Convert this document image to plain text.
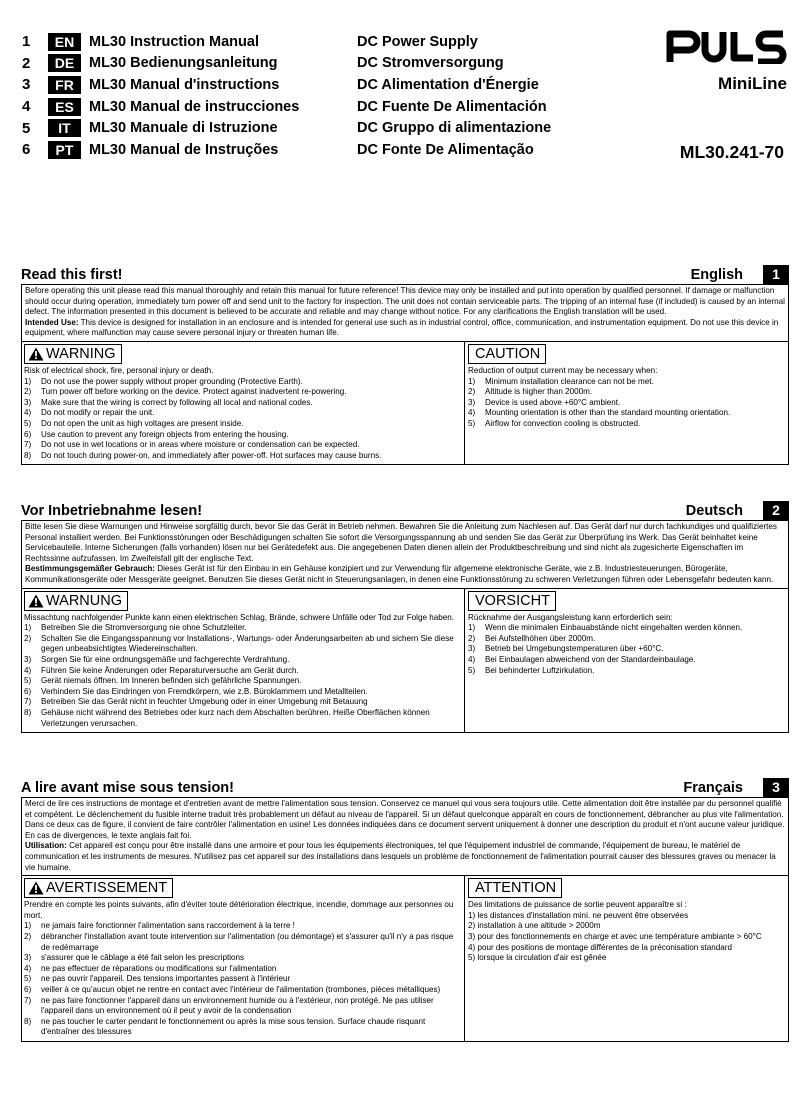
1	EN	ML30 Instruction Manual	DC Power Supply
2	DE	ML30 Bedienungsanleitung	DC Stromversorgung
3	FR	ML30 Manual d'instructions	DC Alimentation d'Énergie
4	ES	ML30 Manual de instrucciones	DC Fuente De Alimentación
5	IT	ML30 Manuale di Istruzione	DC Gruppo di alimentazione
6	PT	ML30 Manual de Instruções	DC Fonte De Alimentação
MiniLine
ML30.241-70
Read this first!	English	1
Before operating this unit please read this manual thoroughly and retain this manual for future reference! This device may only be installed and put into operation by qualified personnel. If damage or malfunction should occur during operation, immediately turn power off and send unit to the factory for inspection. The unit does not contain serviceable parts. The tripping of an internal fuse (if included) is caused by an internal defect. The information presented in this document is believed to be accurate and reliable and may change without notice. For any clarifications the English translation will be used.
Intended Use: This device is designed for installation in an enclosure and is intended for general use such as in industrial control, office, communication, and instrumentation equipment. Do not use this device in equipment, where malfunction may cause severe personal injury or threaten human life.
WARNING
Risk of electrical shock, fire, personal injury or death.
1)	Do not use the power supply without proper grounding (Protective Earth).
2)	Turn power off before working on the device. Protect against inadvertent re-powering.
3)	Make sure that the wiring is correct by following all local and national codes.
4)	Do not modify or repair the unit.
5)	Do not open the unit as high voltages are present inside.
6)	Use caution to prevent any foreign objects from entering the housing.
7)	Do not use in wet locations or in areas where moisture or condensation can be expected.
8)	Do not touch during power-on, and immediately after power-off. Hot surfaces may cause burns.
CAUTION
Reduction of output current may be necessary when:
1)	Minimum installation clearance can not be met.
2)	Altitude is higher than 2000m.
3)	Device is used above +60°C ambient.
4)	Mounting orientation is other than the standard mounting orientation.
5)	Airflow for convection cooling is obstructed.
Vor Inbetriebnahme lesen!	Deutsch	2
Bitte lesen Sie diese Warnungen und Hinweise sorgfältig durch, bevor Sie das Gerät in Betrieb nehmen. Bewahren Sie die Anleitung zum Nachlesen auf. Das Gerät darf nur durch fachkundiges und qualifiziertes Personal installiert werden. Bei Funktionsstörungen oder Beschädigungen schalten Sie sofort die Versorgungsspannung ab und senden Sie das Gerät zur Überprüfung ins Werk. Das Gerät beinhaltet keine Servicebauteile. Interne Sicherungen (falls vorhanden) lösen nur bei Gerätedefekt aus. Die angegebenen Daten dienen allein der Produktbeschreibung und sind nicht als zugesicherte Eigenschaften im Rechtssinne aufzufassen. Im Zweifelsfall gilt der englische Text.
Bestimmungsgemäßer Gebrauch: Dieses Gerät ist für den Einbau in ein Gehäuse konzipiert und zur Verwendung für allgemeine elektronische Geräte, wie z.B. Industriesteuerungen, Bürogeräte, Kommunikationsgeräte oder Messgeräte geeignet. Benutzen Sie dieses Gerät nicht in Steuerungsanlagen, in denen eine Funktionsstörung zu schweren Verletzungen führen oder Lebensgefahr bedeuten kann.
WARNUNG
Missachtung nachfolgender Punkte kann einen elektrischen Schlag, Brände, schwere Unfälle oder Tod zur Folge haben.
1)	Betreiben Sie die Stromversorgung nie ohne Schutzleiter.
2)	Schalten Sie die Eingangsspannung vor Installations-, Wartungs- oder Änderungsarbeiten ab und sichern Sie diese gegen unbeabsichtigtes Wiedereinschalten.
3)	Sorgen Sie für eine ordnungsgemäße und fachgerechte Verdrahtung.
4)	Führen Sie keine Änderungen oder Reparaturversuche am Gerät durch.
5)	Gerät niemals öffnen. Im Inneren befinden sich gefährliche Spannungen.
6)	Verhindern Sie das Eindringen von Fremdkörpern, wie z.B. Büroklammern und Metallteilen.
7)	Betreiben Sie das Gerät nicht in feuchter Umgebung oder in einer Umgebung mit Betauung
8)	Gehäuse nicht während des Betriebes oder kurz nach dem Abschalten berühren. Heiße Oberflächen können Verletzungen verursachen.
VORSICHT
Rücknahme der Ausgangsleistung kann erforderlich sein:
1)	Wenn die minimalen Einbauabstände nicht eingehalten werden können.
2)	Bei Aufstellhöhen über 2000m.
3)	Betrieb bei Umgebungstemperaturen über +60°C.
4)	Bei Einbaulagen abweichend von der Standardeinbaulage.
5)	Bei behinderter Luftzirkulation.
A lire avant mise sous tension!	Français	3
Merci de lire ces instructions de montage et d'entretien avant de mettre l'alimentation sous tension. Conservez ce manuel qui vous sera toujours utile. Cette alimentation doit être installée par du personnel qualifié et compétent. Le déclenchement du fusible interne traduit très probablement un défaut au niveau de l'appareil. Si un défaut quelconque apparaît en cours de fonctionnement, débrancher au plus vite l'alimentation. Dans ce deux cas de figure, il convient de faire contrôler l'alimentation en usine! Les données indiquées dans ce document servent uniquement à donner une description du produit et n'ont aucune valeur juridique. En cas de divergences, le texte anglais fait foi.
Utilisation: Cet appareil est conçu pour être installé dans une armoire et pour tous les équipements électroniques, tel que l'équipement industriel de commande, l'équipement de bureau, le matériel de communication et les instruments de mesures. N'utilisez pas cet appareil sur des installations dans lesquels un problème de fonctionnement de l'alimentation pourrait causer des blessures graves ou menacer la vie humaine.
AVERTISSEMENT
Prendre en compte les points suivants, afin d'éviter toute détérioration électrique, incendie, dommage aux personnes ou mort.
1)	ne jamais faire fonctionner l'alimentation sans raccordement à la terre !
2)	débrancher l'installation avant toute intervention sur l'alimentation (ou démontage) et s'assurer qu'il n'y a pas risque de redémarrage
3)	s'assurer que le câblage a été fait selon les prescriptions
4)	ne pas effectuer de réparations ou modifications sur l'alimentation
5)	ne pas ouvrir l'appareil. Des tensions importantes passent à l'intérieur
6)	veiller à ce qu'aucun objet ne rentre en contact avec l'intérieur de l'alimentation (trombones, pièces métalliques)
7)	ne pas faire fonctionner l'appareil dans un environnement humide ou à l'extérieur, non protégé. Ne pas utiliser l'appareil dans un environnement où il peut y avoir de la condensation
8)	ne pas toucher le carter pendant le fonctionnement ou après la mise sous tension. Surface chaude risquant d'entraîner des blessures
ATTENTION
Des limitations de puissance de sortie peuvent apparaître si :
1) les distances d'installation mini. ne peuvent être observées
2) installation à une altitude > 2000m
3) pour des fonctionnements en charge et avec une température ambiante > 60°C
4) pour des positions de montage différentes de la préconisation standard
5) lorsque la circulation d'air est gênée
